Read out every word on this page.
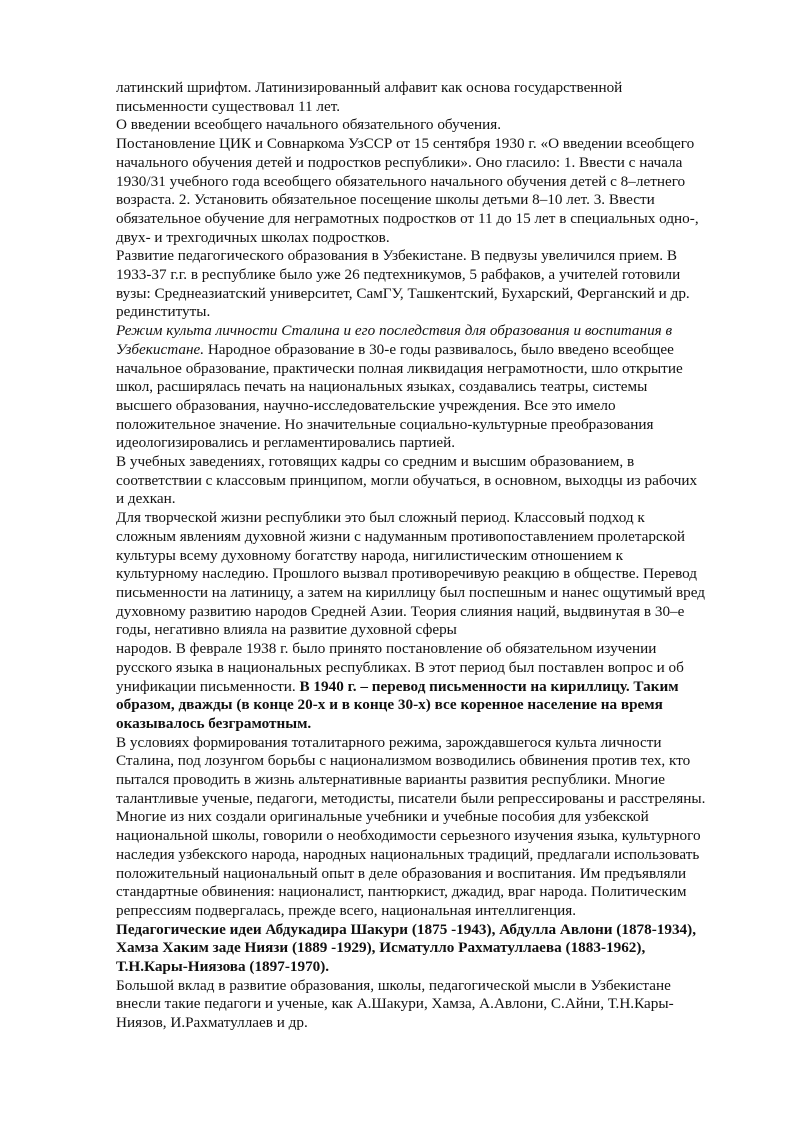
латинский шрифтом. Латинизированный алфавит как основа государственной
письменности существовал 11 лет.

О введении всеобщего начального обязательного обучения.

Постановление ЦИК и Совнаркома УзССР от 15 сентября 1930 г. «О введении всеобщего
начального обучения детей и подростков республики». Оно гласило: 1. Ввести с начала
1930/31 учебного года всеобщего обязательного начального обучения детей с 8–летнего
возраста. 2. Установить обязательное посещение школы детьми 8–10 лет. 3. Ввести
обязательное обучение для неграмотных подростков от 11 до 15 лет в специальных одно-,
двух- и трехгодичных школах подростков.

Развитие педагогического образования в Узбекистане. В педвузы увеличился прием. В
1933-37 г.г. в республике было уже 26 педтехникумов, 5 рабфаков, а учителей готовили
вузы: Среднеазиатский университет, СамГУ, Ташкентский, Бухарский, Ферганский и др.
pединституты.

Режим культа личности Сталина и его последствия для образования и воспитания в
Узбекистане. Народное образование в 30-е годы развивалось, было введено всеобщее
начальное образование, практически полная ликвидация неграмотности, шло открытие
школ, расширялась печать на национальных языках, создавались театры, системы
высшего образования, научно-исследовательские учреждения. Все это имело
положительное значение. Но значительные социально-культурные преобразования
идеологизировались и регламентировались партией.

В учебных заведениях, готовящих кадры со средним и высшим образованием, в
соответствии с классовым принципом, могли обучаться, в основном, выходцы из рабочих
и дехкан.

Для творческой жизни республики это был сложный период. Классовый подход к
сложным явлениям духовной жизни с надуманным противопоставлением пролетарской
культуры всему духовному богатству народа, нигилистическим отношением к
культурному наследию. Прошлого вызвал противоречивую реакцию в обществе. Перевод
письменности на латиницу, а затем на кириллицу был поспешным и нанес ощутимый вред
духовному развитию народов Средней Азии. Теория слияния наций, выдвинутая в 30–е
годы, негативно влияла на развитие духовной сферы

народов. В феврале 1938 г. было принято постановление об обязательном изучении
русского языка в национальных республиках. В этот период был поставлен вопрос и об
унификации письменности. В 1940 г. – перевод письменности на кириллицу. Таким
образом, дважды (в конце 20-х и в конце 30-х) все коренное население на время
оказывалось безграмотным.

В условиях формирования тоталитарного режима, зарождавшегося культа личности
Сталина, под лозунгом борьбы с национализмом возводились обвинения против тех, кто
пытался проводить в жизнь альтернативные варианты развития республики. Многие
талантливые ученые, педагоги, методисты, писатели были репрессированы и расстреляны.
Многие из них создали оригинальные учебники и учебные пособия для узбекской
национальной школы, говорили о необходимости серьезного изучения языка, культурного
наследия узбекского народа, народных национальных традиций, предлагали использовать
положительный национальный опыт в деле образования и воспитания. Им предъявляли
стандартные обвинения: националист, пантюркист, джадид, враг народа. Политическим
репрессиям подвергалась, прежде всего, национальная интеллигенция.

Педагогические идеи Абдукадира Шакури (1875 -1943), Абдулла Авлони (1878-1934),
Хамза Хаким заде Ниязи (1889 -1929), Исматулло Рахматуллаева (1883-1962),
Т.Н.Кары-Ниязова (1897-1970).

Большой вклад в развитие образования, школы, педагогической мысли в Узбекистане
внесли такие педагоги и ученые, как А.Шакури, Хамза, А.Авлони, С.Айни, Т.Н.Кары-
Ниязов, И.Рахматуллаев и др.
